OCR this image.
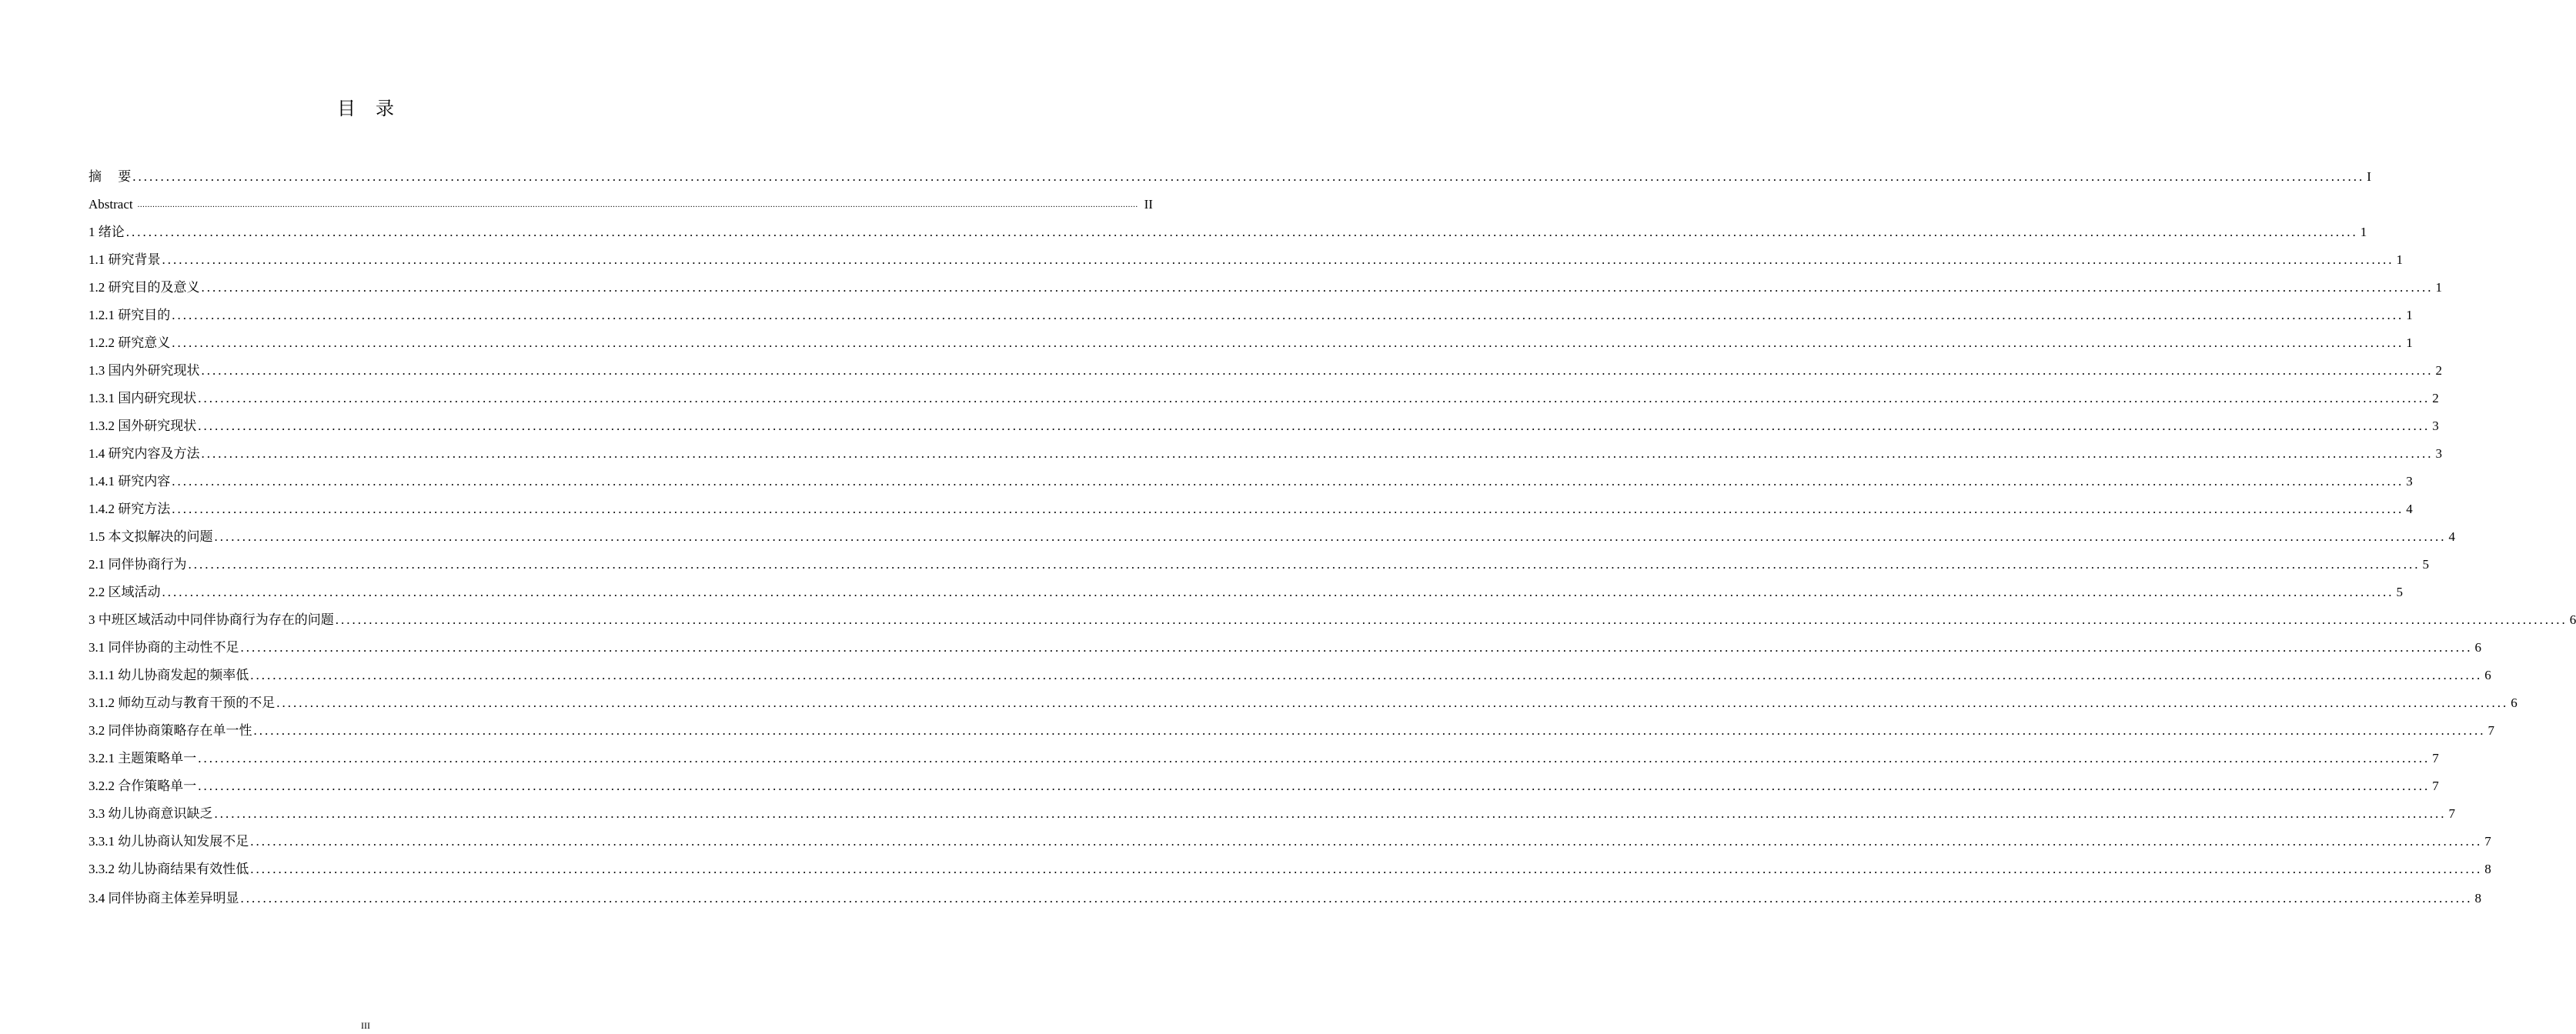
目 录
摘　 要 ................................................................................................................................................................................................................................................................................................................................................................................................................ I
Abstract ................................................................................................................................................................................................................................................................................................................................................................................................................ II
1 绪论 ................................................................................................................................................................................................................................................................................................................................................................................................................ 1
1.1 研究背景 ................................................................................................................................................................................................................................................................................................................................................................................................................ 1
1.2 研究目的及意义 ................................................................................................................................................................................................................................................................................................................................................................................................................ 1
1.2.1 研究目的 ................................................................................................................................................................................................................................................................................................................................................................................................................ 1
1.2.2 研究意义 ................................................................................................................................................................................................................................................................................................................................................................................................................ 1
1.3 国内外研究现状 ................................................................................................................................................................................................................................................................................................................................................................................................................ 2
1.3.1 国内研究现状 ................................................................................................................................................................................................................................................................................................................................................................................................................ 2
1.3.2 国外研究现状 ................................................................................................................................................................................................................................................................................................................................................................................................................ 3
1.4 研究内容及方法 ................................................................................................................................................................................................................................................................................................................................................................................................................ 3
1.4.1 研究内容 ................................................................................................................................................................................................................................................................................................................................................................................................................ 3
1.4.2 研究方法 ................................................................................................................................................................................................................................................................................................................................................................................................................ 4
1.5 本文拟解决的问题 ................................................................................................................................................................................................................................................................................................................................................................................................................ 4
2.1 同伴协商行为 ................................................................................................................................................................................................................................................................................................................................................................................................................ 5
2.2 区域活动 ................................................................................................................................................................................................................................................................................................................................................................................................................ 5
3 中班区域活动中同伴协商行为存在的问题 ................................................................................................................................................................................................................................................................................................................................................................................................................ 6
3.1 同伴协商的主动性不足 ................................................................................................................................................................................................................................................................................................................................................................................................................ 6
3.1.1 幼儿协商发起的频率低 ................................................................................................................................................................................................................................................................................................................................................................................................................ 6
3.1.2 师幼互动与教育干预的不足 ................................................................................................................................................................................................................................................................................................................................................................................................................ 6
3.2 同伴协商策略存在单一性 ................................................................................................................................................................................................................................................................................................................................................................................................................ 7
3.2.1 主题策略单一 ................................................................................................................................................................................................................................................................................................................................................................................................................ 7
3.2.2 合作策略单一 ................................................................................................................................................................................................................................................................................................................................................................................................................ 7
3.3 幼儿协商意识缺乏 ................................................................................................................................................................................................................................................................................................................................................................................................................ 7
3.3.1 幼儿协商认知发展不足 ................................................................................................................................................................................................................................................................................................................................................................................................................ 7
3.3.2 幼儿协商结果有效性低 ................................................................................................................................................................................................................................................................................................................................................................................................................ 8
3.4 同伴协商主体差异明显 ................................................................................................................................................................................................................................................................................................................................................................................................................ 8
III
